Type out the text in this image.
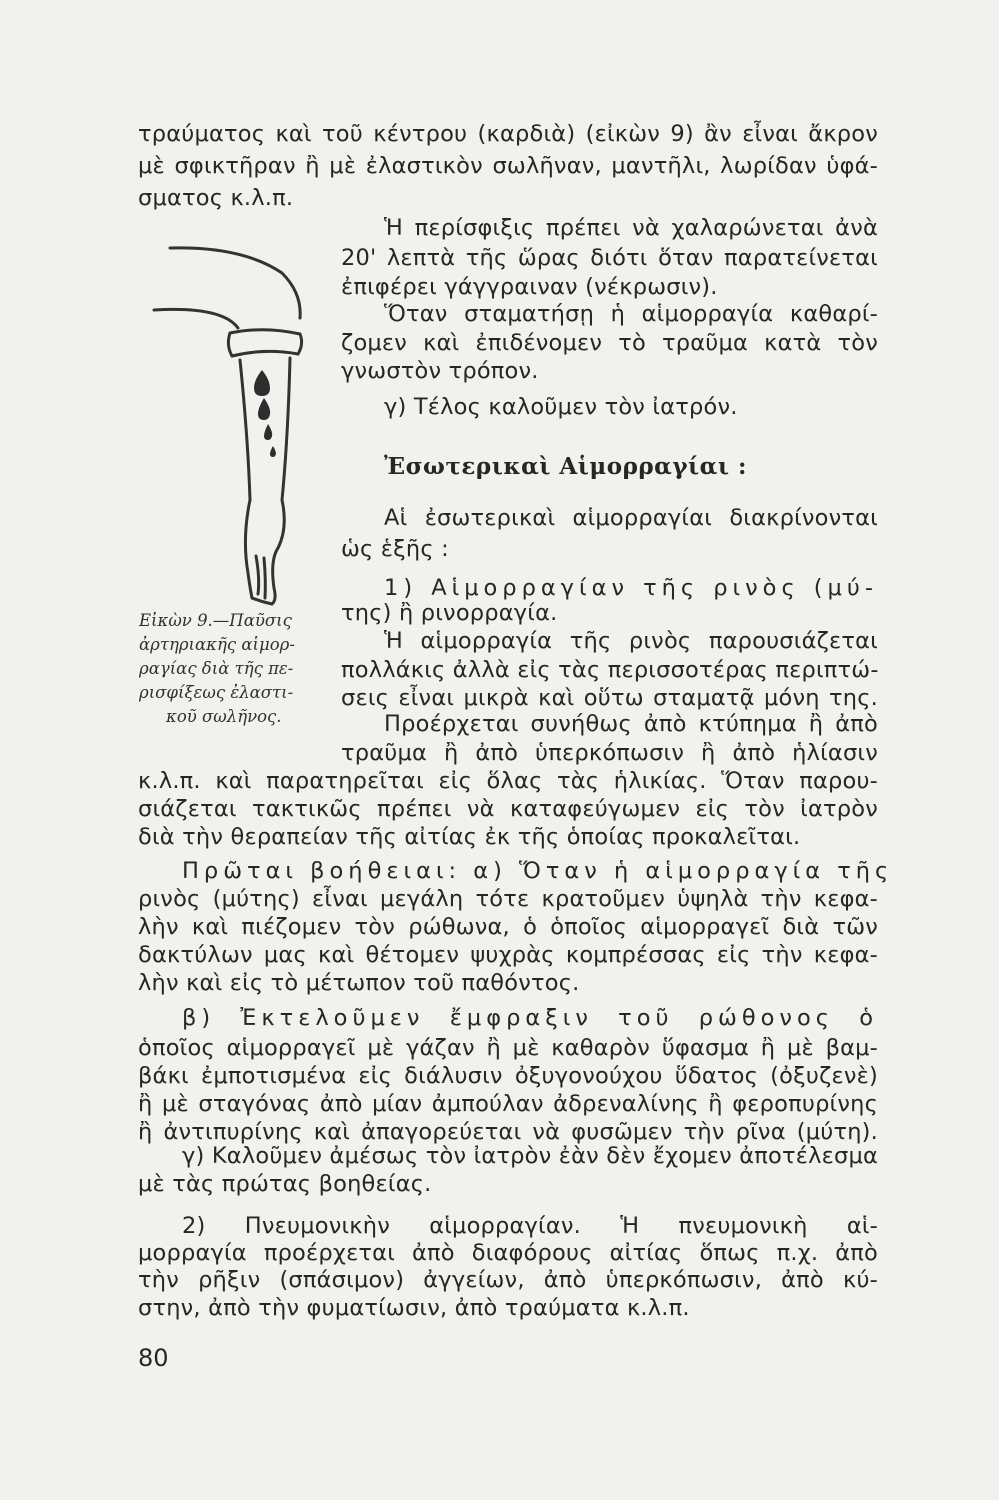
τραύματος καὶ τοῦ κέντρου (καρδιὰ) (εἰκὼν 9) ἂν εἶναι ἄκρον
μὲ σφικτῆραν ἢ μὲ ἐλαστικὸν σωλῆναν, μαντῆλι, λωρίδαν ὑφά-
σματος κ.λ.π.
Ἡ περίσφιξις πρέπει νὰ χαλαρώνεται ἀνὰ
20' λεπτὰ τῆς ὥρας διότι ὅταν παρατείνεται
ἐπιφέρει γάγγραιναν (νέκρωσιν).
Ὅταν σταματήσῃ ἡ αἱμορραγία καθαρί-
ζομεν καὶ ἐπιδένομεν τὸ τραῦμα κατὰ τὸν
γνωστὸν τρόπον.
γ) Τέλος καλοῦμεν τὸν ἰατρόν.
Ἐσωτερικαὶ Αἱμορραγίαι :
Αἱ ἐσωτερικαὶ αἱμορραγίαι διακρίνονται
ὡς ἑξῆς :
1) Αἱμορραγίαν τῆς ρινὸς (μύ-
της) ἢ ρινορραγία.
Ἡ αἱμορραγία τῆς ρινὸς παρουσιάζεται
πολλάκις ἀλλὰ εἰς τὰς περισσοτέρας περιπτώ-
σεις εἶναι μικρὰ καὶ οὕτω σταματᾷ μόνη της.
Προέρχεται συνήθως ἀπὸ κτύπημα ἢ ἀπὸ
τραῦμα ἢ ἀπὸ ὑπερκόπωσιν ἢ ἀπὸ ἡλίασιν
κ.λ.π. καὶ παρατηρεῖται εἰς ὅλας τὰς ἡλικίας. Ὅταν παρου-
σιάζεται τακτικῶς πρέπει νὰ καταφεύγωμεν εἰς τὸν ἰατρὸν
διὰ τὴν θεραπείαν τῆς αἰτίας ἐκ τῆς ὁποίας προκαλεῖται.
Πρῶται βοήθειαι: α) Ὅταν ἡ αἱμορραγία τῆς
ρινὸς (μύτης) εἶναι μεγάλη τότε κρατοῦμεν ὑψηλὰ τὴν κεφα-
λὴν καὶ πιέζομεν τὸν ρώθωνα, ὁ ὁποῖος αἱμορραγεῖ διὰ τῶν
δακτύλων μας καὶ θέτομεν ψυχρὰς κομπρέσσας εἰς τὴν κεφα-
λὴν καὶ εἰς τὸ μέτωπον τοῦ παθόντος.
β) Ἐκτελοῦμεν ἔμφραξιν τοῦ ρώθονος ὁ
ὁποῖος αἱμορραγεῖ μὲ γάζαν ἢ μὲ καθαρὸν ὕφασμα ἢ μὲ βαμ-
βάκι ἐμποτισμένα εἰς διάλυσιν ὀξυγονούχου ὕδατος (ὀξυζενὲ)
ἢ μὲ σταγόνας ἀπὸ μίαν ἀμπούλαν ἀδρεναλίνης ἢ φεροπυρίνης
ἢ ἀντιπυρίνης καὶ ἀπαγορεύεται νὰ φυσῶμεν τὴν ρῖνα (μύτη).
γ) Καλοῦμεν ἀμέσως τὸν ἰατρὸν ἐὰν δὲν ἔχομεν ἀποτέλεσμα
μὲ τὰς πρώτας βοηθείας.
2) Πνευμονικὴν αἱμορραγίαν. Ἡ πνευμονικὴ αἱ-
μορραγία προέρχεται ἀπὸ διαφόρους αἰτίας ὅπως π.χ. ἀπὸ
τὴν ρῆξιν (σπάσιμον) ἀγγείων, ἀπὸ ὑπερκόπωσιν, ἀπὸ κύ-
στην, ἀπὸ τὴν φυματίωσιν, ἀπὸ τραύματα κ.λ.π.
Εἰκὼν 9.—Παῦσις
ἀρτηριακῆς αἱμορ-
ραγίας διὰ τῆς πε-
ρισφίξεως ἐλαστι-
κοῦ σωλῆνος.
80
